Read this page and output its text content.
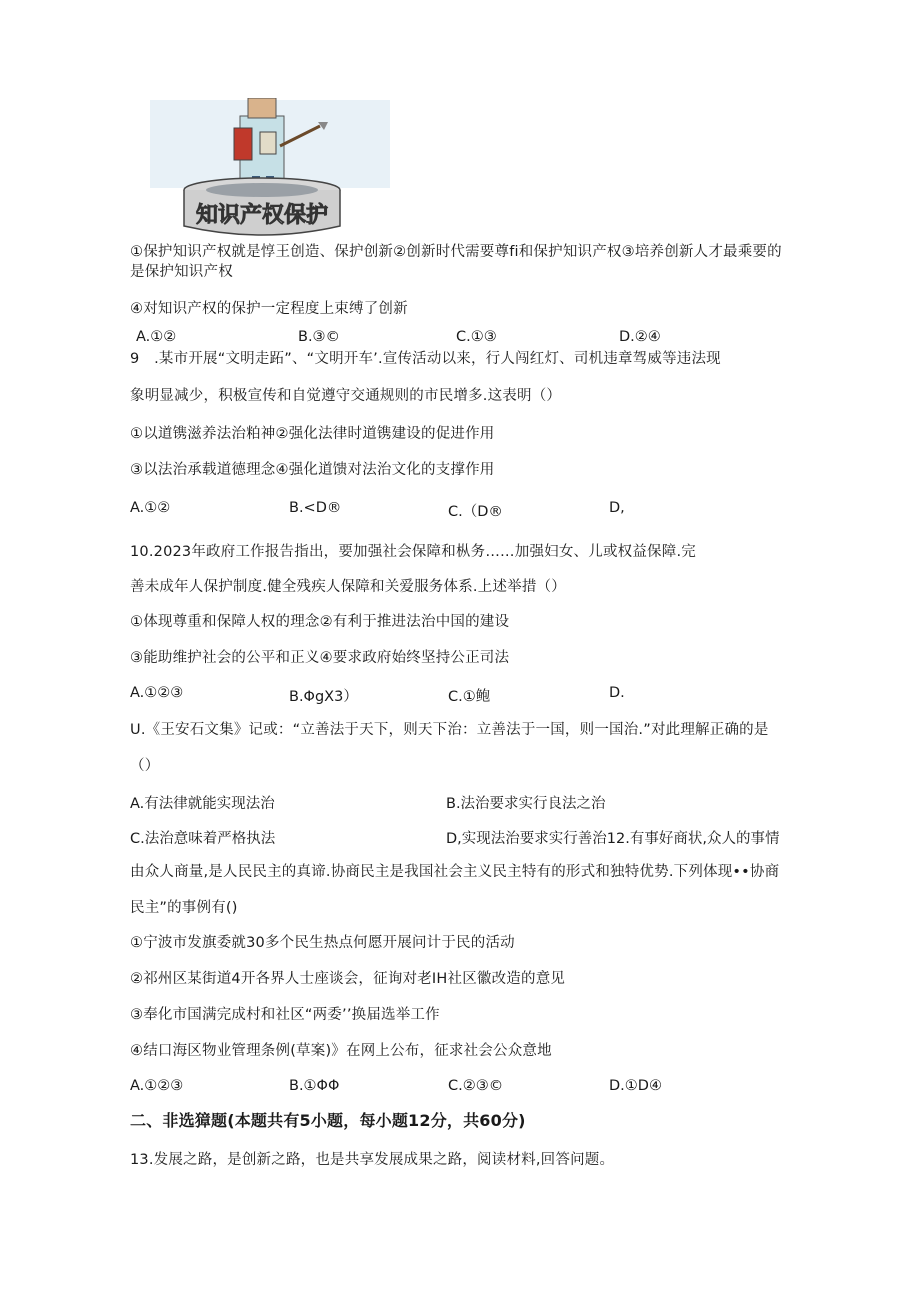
知识产权保护
①保护知识产权就是惇王创造、保护创新②创新时代需要尊fi和保护知识产权③培养创新人才最乘要的
是保护知识产权
④对知识产权的保护一定程度上束缚了创新
A.①②	B.③©	C.①③	D.②④
9　.某市开展“文明走跖”、“文明开车’.宣传活动以来，行人闯红灯、司机违章驾威等违法现
象明显减少，积极宣传和自觉遵守交通规则的市民增多.这表明（）
①以道镌滋养法治粕神②强化法律时道镌建设的促进作用
③以法治承载道德理念④强化道馈对法治文化的支撑作用
A.①②	B.<D®	C.（D®	D,
10.2023年政府工作报告指出，要加强社会保障和枞务……加强妇女、儿或权益保障.完
善未成年人保护制度.健全残疾人保障和关爱服务体系.上述举措（）
①体现尊重和保障人权的理念②有利于推进法治中国的建设
③能助维护社会的公平和正义④要求政府始终坚持公正司法
A.①②③	B.ΦgX3）	C.①鲍	D.
U.《王安石文集》记或：“立善法于天下，则天下治：立善法于一国，则一国治.”对此理解正确的是
（）
A.有法律就能实现法治	B.法治要求实行良法之治
C.法治意味着严格执法	D,实现法治要求实行善治12.有事好商状,众人的事情
由众人商量,是人民民主的真谛.协商民主是我国社会主义民主特有的形式和独特优势.下列体现••协商
民主”的事例有()
①宁波市发旗委就30多个民生热点何愿开展问计于民的活动
②祁州区某街道4开各界人士座谈会，征询对老IH社区徽改造的意见
③奉化市国满完成村和社区“两委’’换届选举工作
④结口海区物业管理条例(草案)》在网上公布，征求社会公众意地
A.①②③	B.①ΦΦ	C.②③©	D.①D④
二、非选獐题(本题共有5小题，每小题12分，共60分)
13.发展之路，是创新之路，也是共享发展成果之路，阅读材料,回答问题。
